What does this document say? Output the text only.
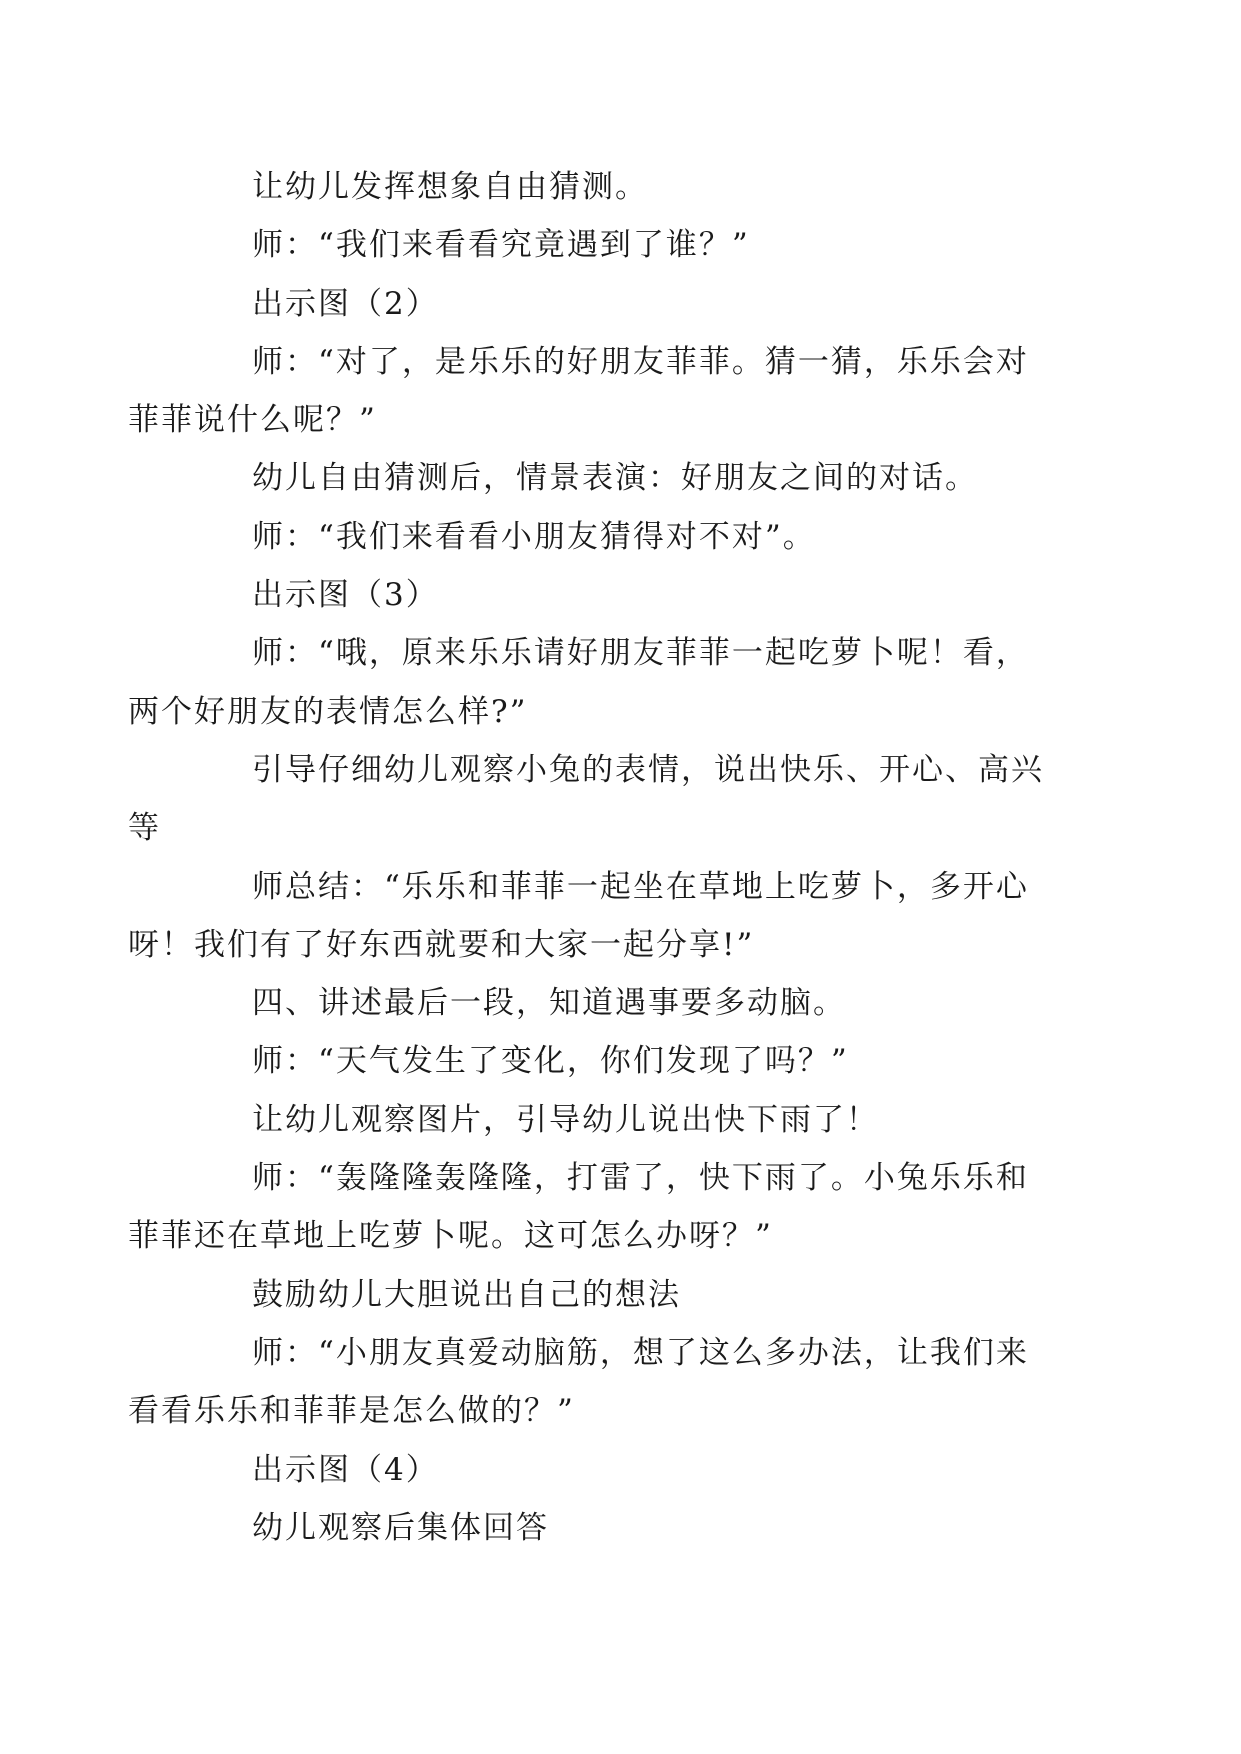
让幼儿发挥想象自由猜测。

师：“我们来看看究竟遇到了谁？”

出示图（2）

师：“对了，是乐乐的好朋友菲菲。猜一猜，乐乐会对
菲菲说什么呢？”

幼儿自由猜测后，情景表演：好朋友之间的对话。

师：“我们来看看小朋友猜得对不对”。

出示图（3）

师：“哦，原来乐乐请好朋友菲菲一起吃萝卜呢！看，
两个好朋友的表情怎么样?”

引导仔细幼儿观察小兔的表情，说出快乐、开心、高兴
等

师总结：“乐乐和菲菲一起坐在草地上吃萝卜，多开心
呀！我们有了好东西就要和大家一起分享!”

四、讲述最后一段，知道遇事要多动脑。

师：“天气发生了变化，你们发现了吗？”

让幼儿观察图片，引导幼儿说出快下雨了！

师：“轰隆隆轰隆隆，打雷了，快下雨了。小兔乐乐和
菲菲还在草地上吃萝卜呢。这可怎么办呀？”

鼓励幼儿大胆说出自己的想法

师：“小朋友真爱动脑筋，想了这么多办法，让我们来
看看乐乐和菲菲是怎么做的？”

出示图（4）

幼儿观察后集体回答
